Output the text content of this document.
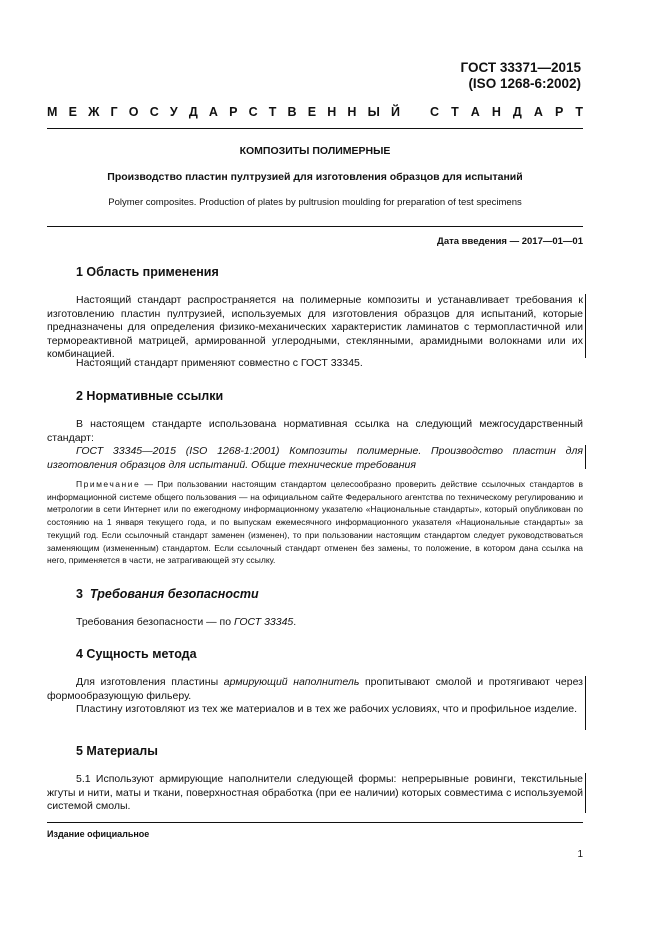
ГОСТ 33371—2015
(ISO 1268-6:2002)
М Е Ж Г О С У Д А Р С Т В Е Н Н Ы Й С Т А Н Д А Р Т
КОМПОЗИТЫ ПОЛИМЕРНЫЕ
Производство пластин пултрузией для изготовления образцов для испытаний
Polymer composites. Production of plates by pultrusion moulding for preparation of test specimens
Дата введения — 2017—01—01
1 Область применения
Настоящий стандарт распространяется на полимерные композиты и устанавливает требования к изготовлению пластин пултрузией, используемых для изготовления образцов для испытаний, которые предназначены для определения физико-механических характеристик ламинатов с термопластичной или термореактивной матрицей, армированной углеродными, стеклянными, арамидными волокнами или их комбинацией.
Настоящий стандарт применяют совместно с ГОСТ 33345.
2 Нормативные ссылки
В настоящем стандарте использована нормативная ссылка на следующий межгосударственный стандарт:
ГОСТ 33345—2015 (ISO 1268-1:2001) Композиты полимерные. Производство пластин для изготовления образцов для испытаний. Общие технические требования
Примечание — При пользовании настоящим стандартом целесообразно проверить действие ссылочных стандартов в информационной системе общего пользования — на официальном сайте Федерального агентства по техническому регулированию и метрологии в сети Интернет или по ежегодному информационному указателю «Национальные стандарты», который опубликован по состоянию на 1 января текущего года, и по выпускам ежемесячного информационного указателя «Национальные стандарты» за текущий год. Если ссылочный стандарт заменен (изменен), то при пользовании настоящим стандартом следует руководствоваться заменяющим (измененным) стандартом. Если ссылочный стандарт отменен без замены, то положение, в котором дана ссылка на него, применяется в части, не затрагивающей эту ссылку.
3 Требования безопасности
Требования безопасности — по ГОСТ 33345.
4 Сущность метода
Для изготовления пластины армирующий наполнитель пропитывают смолой и протягивают через формообразующую фильеру.
Пластину изготовляют из тех же материалов и в тех же рабочих условиях, что и профильное изделие.
5 Материалы
5.1 Используют армирующие наполнители следующей формы: непрерывные ровинги, текстильные жгуты и нити, маты и ткани, поверхностная обработка (при ее наличии) которых совместима с используемой системой смолы.
Издание официальное
1
